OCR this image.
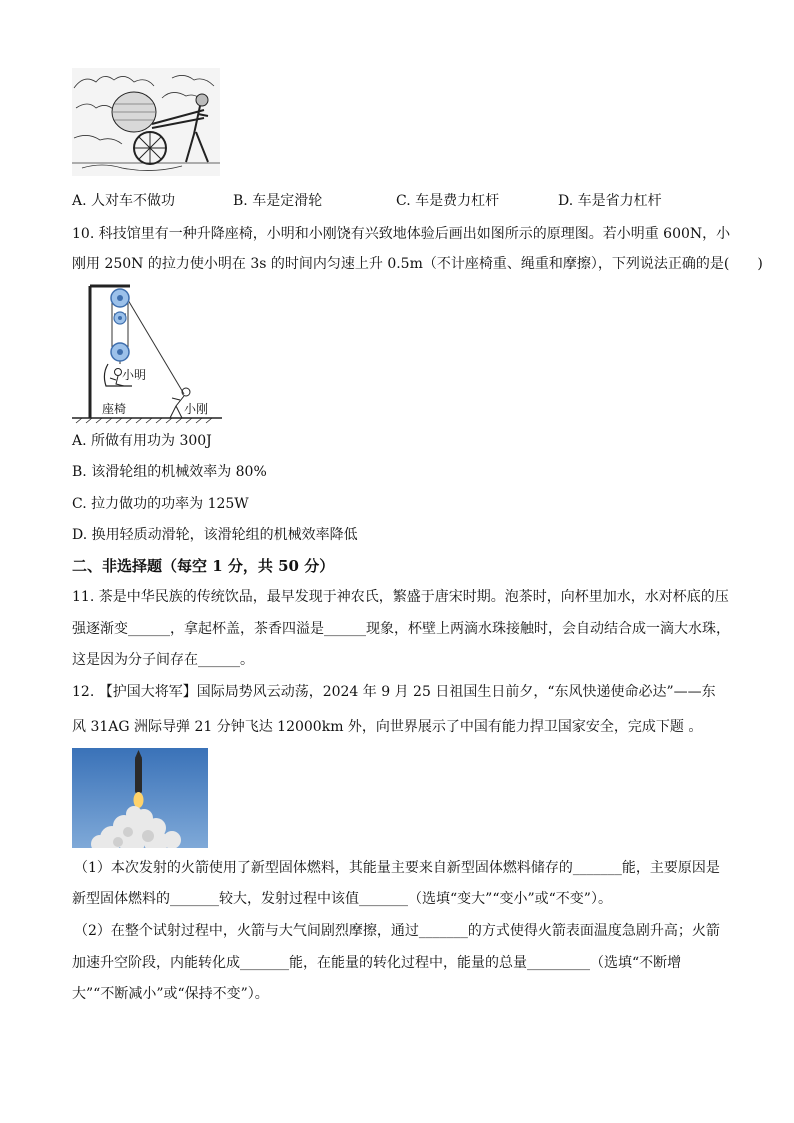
A. 人对车不做功	B. 车是定滑轮	C. 车是费力杠杆	D. 车是省力杠杆
10. 科技馆里有一种升降座椅，小明和小刚饶有兴致地体验后画出如图所示的原理图。若小明重 600N，小
刚用 250N 的拉力使小明在 3s 的时间内匀速上升 0.5m（不计座椅重、绳重和摩擦），下列说法正确的是(　　)
小明
座椅	小刚
A. 所做有用功为 300J
B. 该滑轮组的机械效率为 80%
C. 拉力做功的功率为 125W
D. 换用轻质动滑轮，该滑轮组的机械效率降低
二、非选择题（每空 1 分，共 50 分）
11. 茶是中华民族的传统饮品，最早发现于神农氏，繁盛于唐宋时期。泡茶时，向杯里加水，水对杯底的压
强逐渐变______，拿起杯盖，茶香四溢是______现象，杯壁上两滴水珠接触时，会自动结合成一滴大水珠，
这是因为分子间存在______。
12. 【护国大将军】国际局势风云动荡，2024 年 9 月 25 日祖国生日前夕，“东风快递使命必达”——东
风 31AG 洲际导弹 21 分钟飞达 12000km 外，向世界展示了中国有能力捍卫国家安全，完成下题 。
（1）本次发射的火箭使用了新型固体燃料，其能量主要来自新型固体燃料储存的_______能，主要原因是
新型固体燃料的_______较大，发射过程中该值_______（选填“变大”“变小”或“不变”）。
（2）在整个试射过程中，火箭与大气间剧烈摩擦，通过_______的方式使得火箭表面温度急剧升高；火箭
加速升空阶段，内能转化成_______能，在能量的转化过程中，能量的总量_________（选填“不断增
大”“不断减小”或“保持不变”）。
